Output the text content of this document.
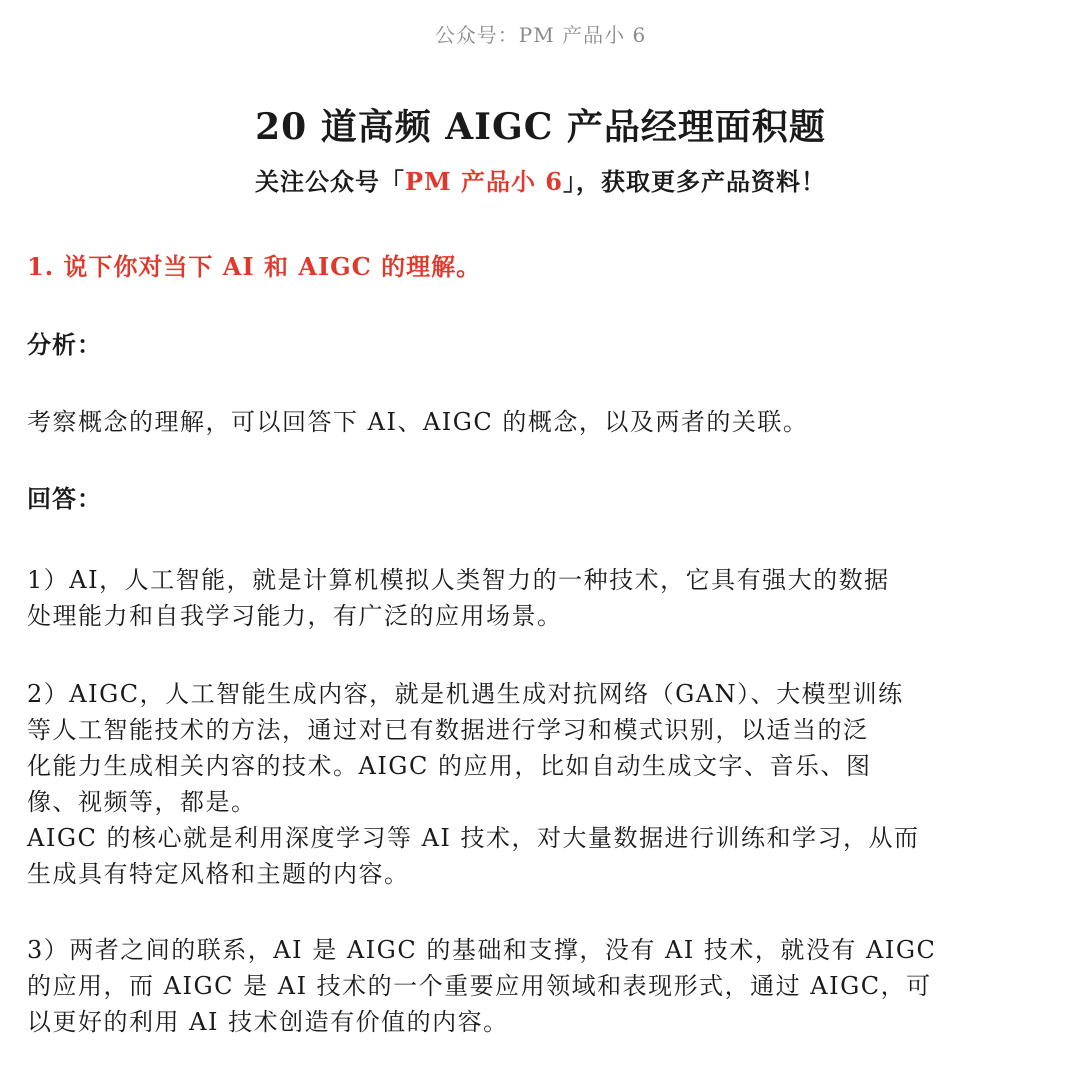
公众号：PM 产品小 6
20 道高频 AIGC 产品经理面积题
关注公众号「PM 产品小 6」，获取更多产品资料！
1. 说下你对当下 AI 和 AIGC 的理解。
分析：

考察概念的理解，可以回答下 AI、AIGC 的概念，以及两者的关联。

回答：

1）AI，人工智能，就是计算机模拟人类智力的一种技术，它具有强大的数据
处理能力和自我学习能力，有广泛的应用场景。

2）AIGC，人工智能生成内容，就是机遇生成对抗网络（GAN）、大模型训练
等人工智能技术的方法，通过对已有数据进行学习和模式识别，以适当的泛
化能力生成相关内容的技术。AIGC 的应用，比如自动生成文字、音乐、图
像、视频等，都是。
AIGC 的核心就是利用深度学习等 AI 技术，对大量数据进行训练和学习，从而
生成具有特定风格和主题的内容。

3）两者之间的联系，AI 是 AIGC 的基础和支撑，没有 AI 技术，就没有 AIGC
的应用，而 AIGC 是 AI 技术的一个重要应用领域和表现形式，通过 AIGC，可
以更好的利用 AI 技术创造有价值的内容。
